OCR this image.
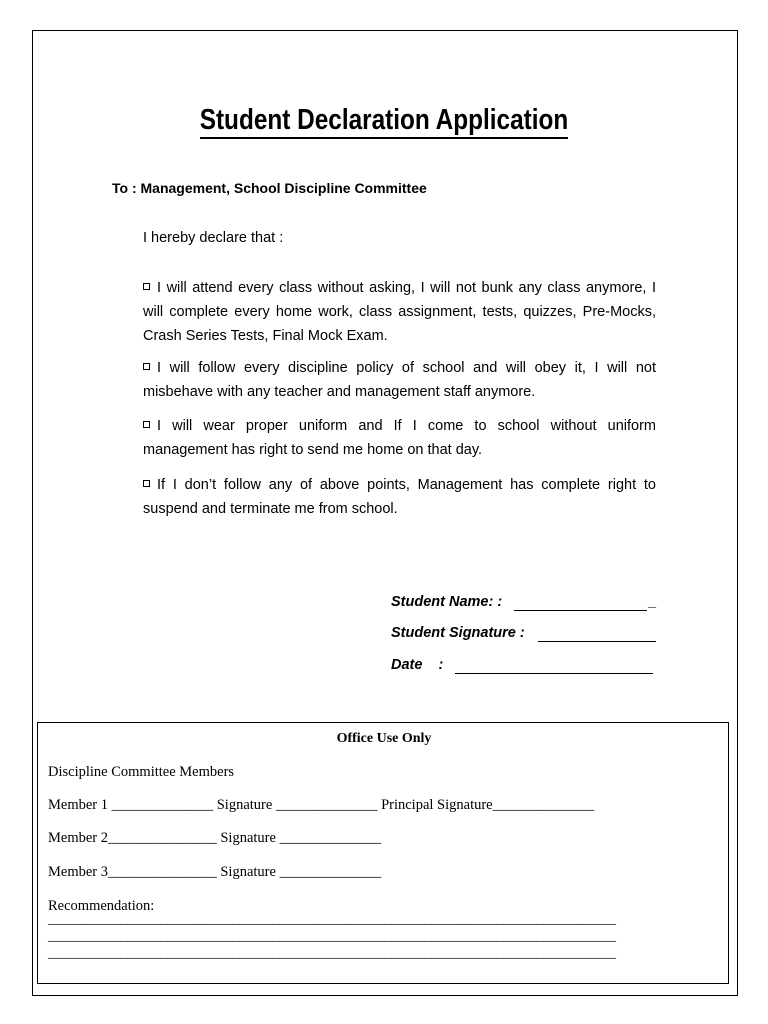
Student Declaration Application
To : Management, School Discipline Committee
I hereby declare that :
I will attend every class without asking, I will not bunk any class anymore, I will complete every home work, class assignment, tests, quizzes, Pre-Mocks, Crash Series Tests, Final Mock Exam.
I will follow every discipline policy of school and will obey it, I will not misbehave with any teacher and management staff anymore.
I will wear proper uniform and If I come to school without uniform management has right to send me home on that day.
If I don’t follow any of above points, Management has complete right to suspend and terminate me from school.
Student Name: :	_
Student Signature :
Date    :
Office Use Only
Discipline Committee Members
Member 1 ______________ Signature ______________ Principal Signature______________
Member 2_______________ Signature ______________
Member 3_______________ Signature ______________
Recommendation:
______________________________________________________________________________________
______________________________________________________________________________________
______________________________________________________________________________________
